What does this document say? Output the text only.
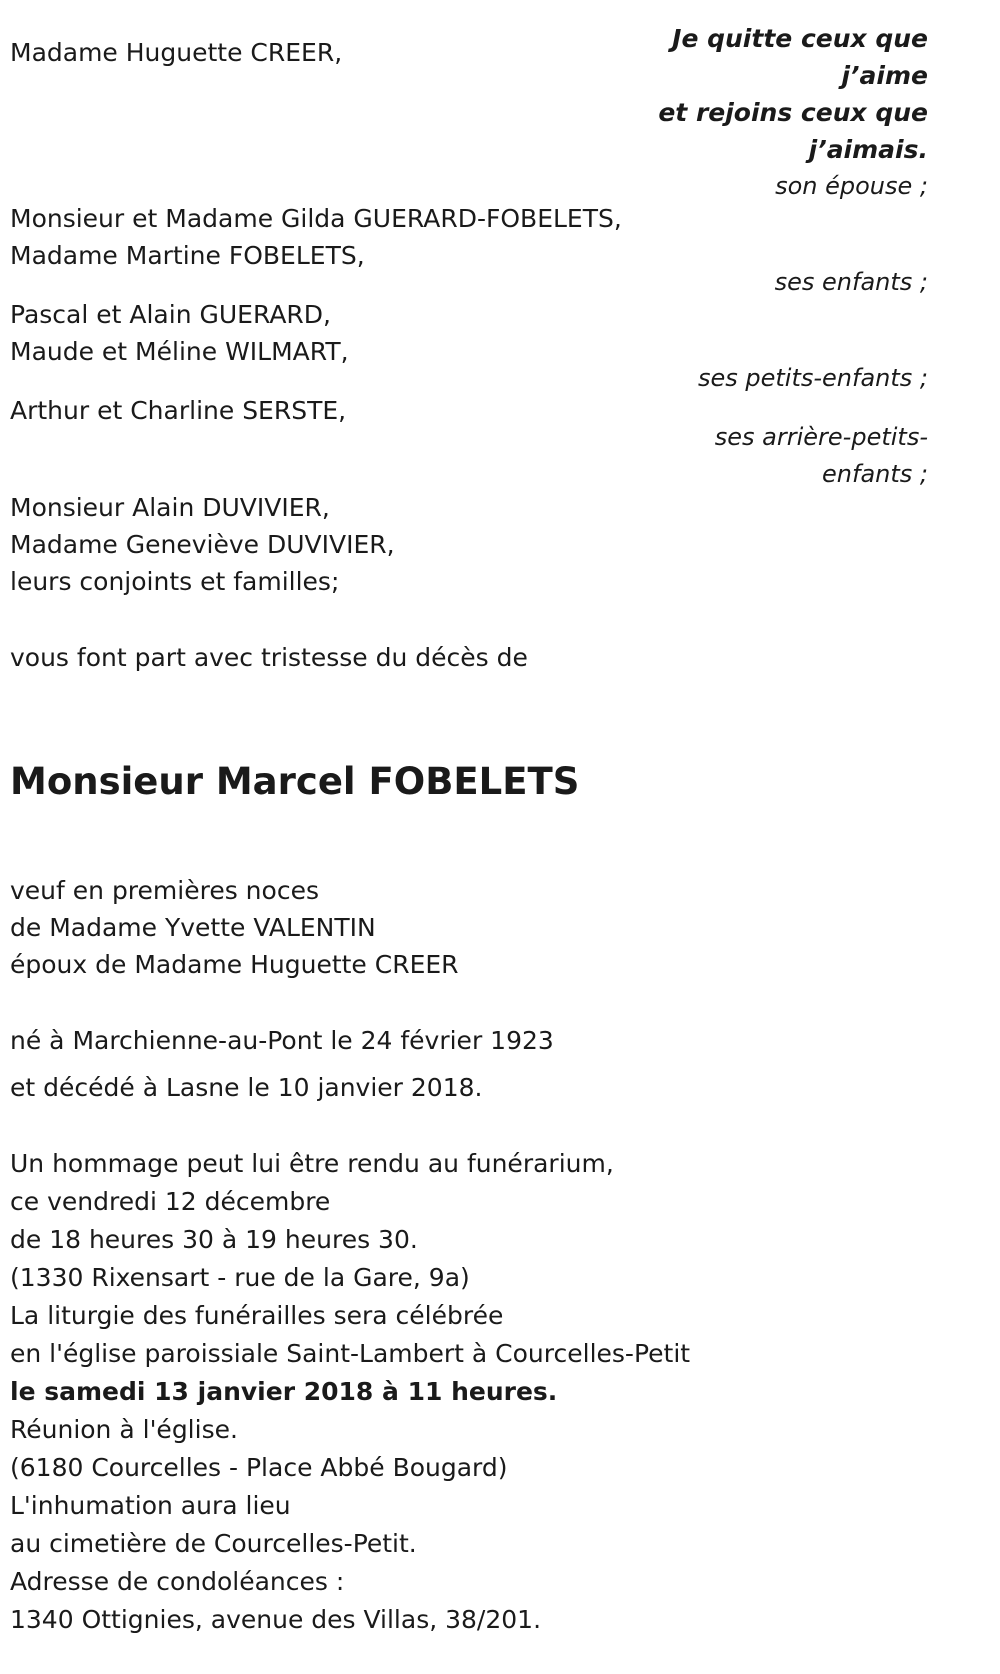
Je quitte ceux que

j’aime

et rejoins ceux que

j’aimais.

Madame Huguette CREER,

son épouse ;

Monsieur et Madame Gilda GUERARD-FOBELETS,

Madame Martine FOBELETS,

ses enfants ;

Pascal et Alain GUERARD,

Maude et Méline WILMART,

ses petits-enfants ;

Arthur et Charline SERSTE,

ses arrière-petits-

enfants ;

Monsieur Alain DUVIVIER,

Madame Geneviève DUVIVIER,

leurs conjoints et familles;

vous font part avec tristesse du décès de

Monsieur Marcel FOBELETS

veuf en premières noces

de Madame Yvette VALENTIN

époux de Madame Huguette CREER

né à Marchienne-au-Pont le 24 février 1923

et décédé à Lasne le 10 janvier 2018.

Un hommage peut lui être rendu au funérarium,

ce vendredi 12 décembre

de 18 heures 30 à 19 heures 30.

(1330 Rixensart - rue de la Gare, 9a)

La liturgie des funérailles sera célébrée

en l'église paroissiale Saint-Lambert à Courcelles-Petit

le samedi 13 janvier 2018 à 11 heures.

Réunion à l'église.

(6180 Courcelles - Place Abbé Bougard)

L'inhumation aura lieu

au cimetière de Courcelles-Petit.

Adresse de condoléances :

1340 Ottignies, avenue des Villas, 38/201.
